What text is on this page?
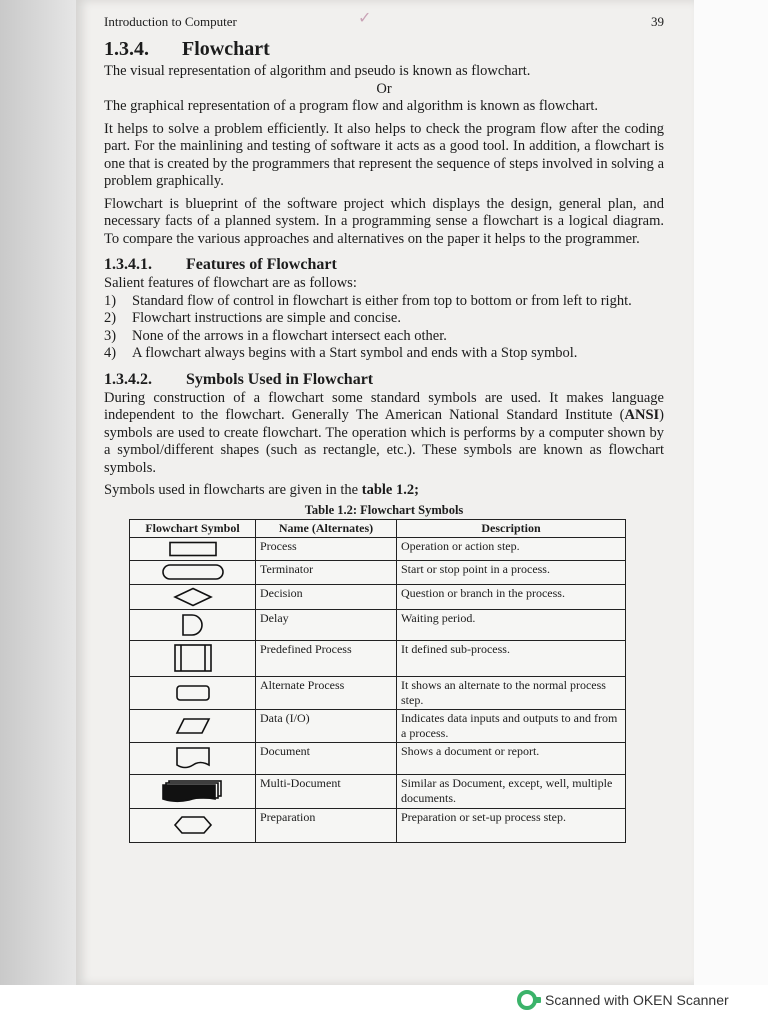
✓
Introduction to Computer	39
1.3.4. Flowchart

The visual representation of algorithm and pseudo is known as flowchart.

Or

The graphical representation of a program flow and algorithm is known as flowchart.

It helps to solve a problem efficiently. It also helps to check the program flow after the coding part. For the mainlining and testing of software it acts as a good tool. In addition, a flowchart is one that is created by the programmers that represent the sequence of steps involved in solving a problem graphically.

Flowchart is blueprint of the software project which displays the design, general plan, and necessary facts of a planned system. In a programming sense a flowchart is a logical diagram. To compare the various approaches and alternatives on the paper it helps to the programmer.

1.3.4.1. Features of Flowchart

Salient features of flowchart are as follows:

1)	Standard flow of control in flowchart is either from top to bottom or from left to right.
2)	Flowchart instructions are simple and concise.
3)	None of the arrows in a flowchart intersect each other.
4)	A flowchart always begins with a Start symbol and ends with a Stop symbol.
1.3.4.2. Symbols Used in Flowchart

During construction of a flowchart some standard symbols are used. It makes language independent to the flowchart. Generally The American National Standard Institute (ANSI) symbols are used to create flowchart. The operation which is performs by a computer shown by a symbol/different shapes (such as rectangle, etc.). These symbols are known as flowchart symbols.

Symbols used in flowcharts are given in the table 1.2;

Table 1.2: Flowchart Symbols
Flowchart Symbol	Name (Alternates)	Description

	Process	Operation or action step.

	Terminator	Start or stop point in a process.

	Decision	Question or branch in the process.

	Delay	Waiting period.

	Predefined Process	It defined sub-process.

	Alternate Process	It shows an alternate to the normal process step.

	Data (I/O)	Indicates data inputs and outputs to and from a process.

	Document	Shows a document or report.

	Multi-Document	Similar as Document, except, well, multiple documents.

	Preparation	Preparation or set-up process step.
Scanned with OKEN Scanner
